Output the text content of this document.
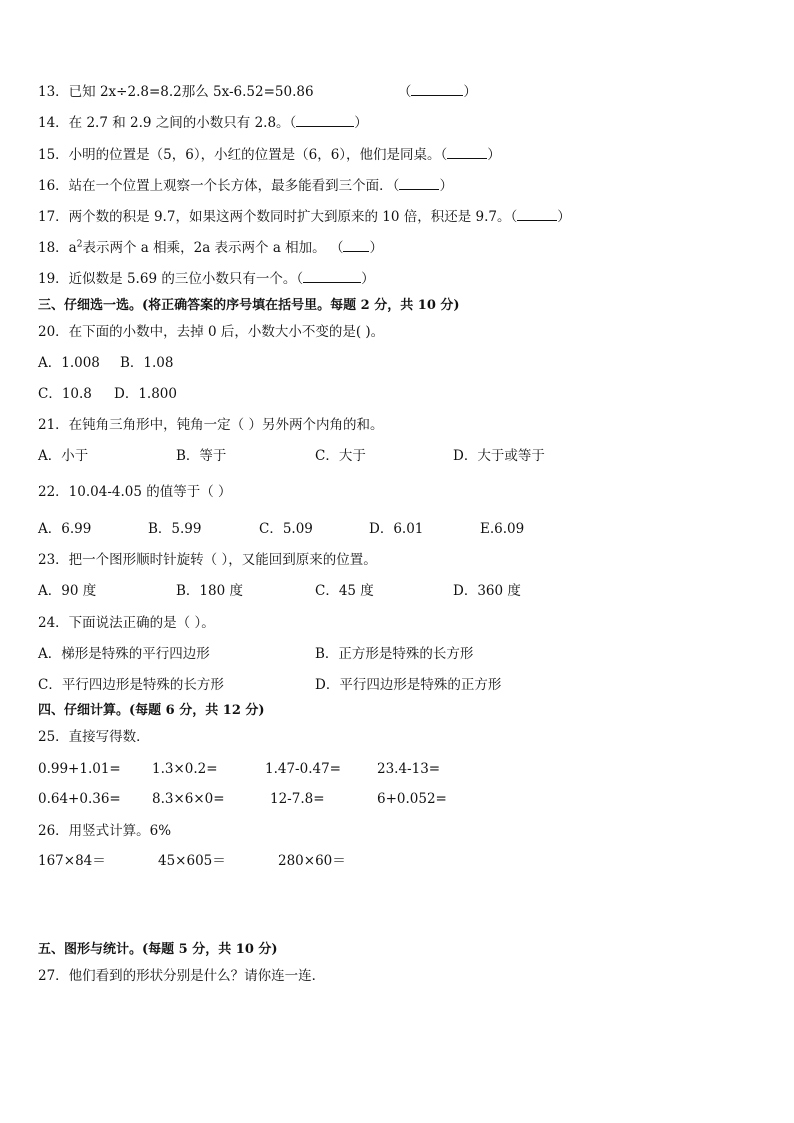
13．已知 2x÷2.8=8.2那么 5x-6.52=50.86	（	）
14．在 2.7 和 2.9 之间的小数只有 2.8。（	）
15．小明的位置是（5，6），小红的位置是（6，6），他们是同桌。（	）
16．站在一个位置上观察一个长方体，最多能看到三个面．（	）
17．两个数的积是 9.7，如果这两个数同时扩大到原来的 10 倍，积还是 9.7。（	）
18．$a^2$表示两个 a 相乘，2a 表示两个 a 相加。 （ ）
19．近似数是 5.69 的三位小数只有一个。（	）
三、仔细选一选。(将正确答案的序号填在括号里。每题 2 分，共 10 分)
20．在下面的小数中，去掉 0 后，小数大小不变的是( )。
A．1.008 B．1.08
C．10.8 D．1.800
21．在钝角三角形中，钝角一定（ ）另外两个内角的和。
A．小于	B．等于	C．大于	D．大于或等于
22．10.04-4.05 的值等于（ ）
A．6.99	B．5.99	C．5.09	D．6.01	E.6.09
23．把一个图形顺时针旋转（ ），又能回到原来的位置。
A．90 度	B．180 度	C．45 度	D．360 度
24．下面说法正确的是（ ）。
A．梯形是特殊的平行四边形	B．正方形是特殊的长方形
C．平行四边形是特殊的长方形	D．平行四边形是特殊的正方形
四、仔细计算。(每题 6 分，共 12 分)
25．直接写得数．
0.99+1.01= 1.3×0.2=	1.47-0.47=	23.4-13=
0.64+0.36= 8.3×6×0=	12-7.8=	6+0.052=
26．用竖式计算。6%
167×84＝	45×605＝	280×60＝
五、图形与统计。(每题 5 分，共 10 分)
27．他们看到的形状分别是什么？请你连一连．
